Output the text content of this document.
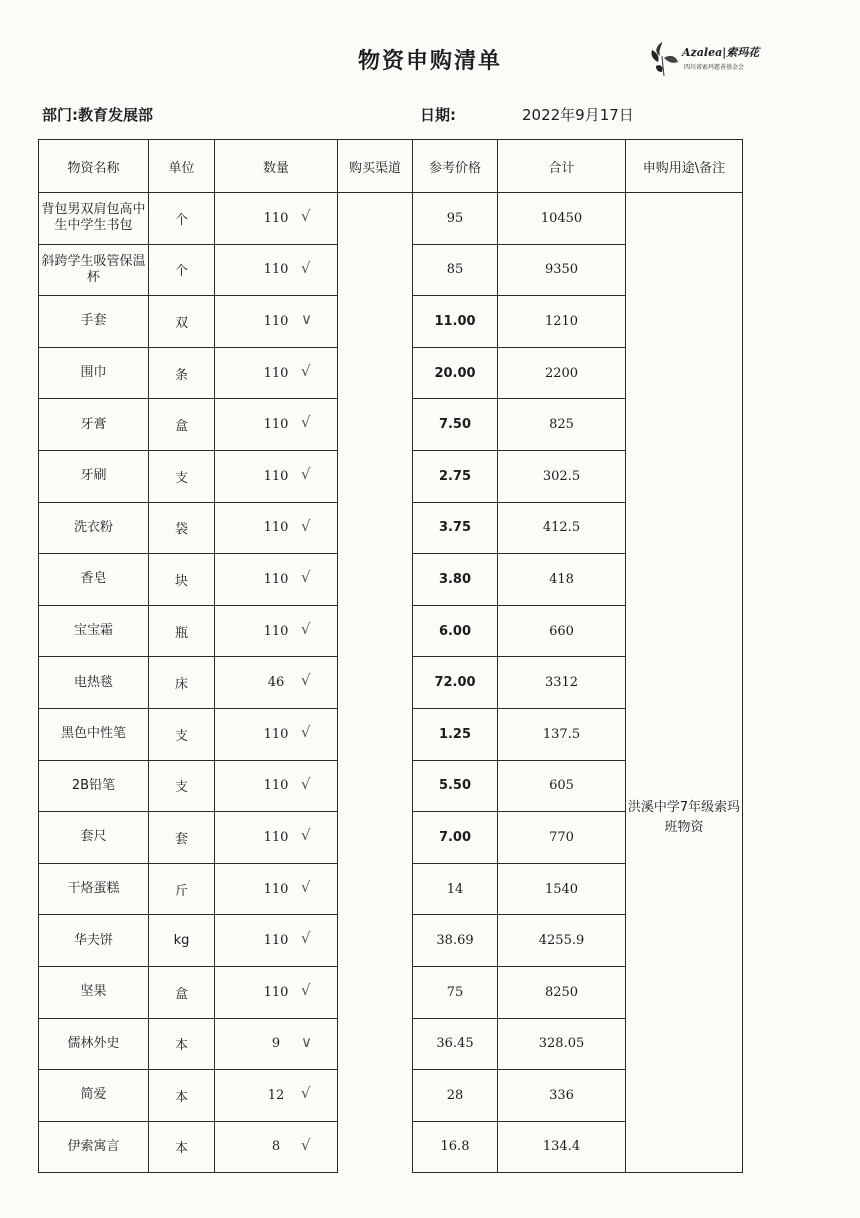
物资申购清单	Azalea|索玛花
四川省索玛慈善基金会
部门:教育发展部	日期:	2022年9月17日
物资名称	单位	数量	购买渠道	参考价格	合计	申购用途\备注
背包男双肩包高中生中学生书包	个	110 √		95	10450	洪溪中学7年级索玛班物资
斜跨学生吸管保温杯	个	110 √		85	9350	
手套	双	110 ∨		11.00	1210	
围巾	条	110 √		20.00	2200	
牙膏	盒	110 √		7.50	825	
牙刷	支	110 √		2.75	302.5	
洗衣粉	袋	110 √		3.75	412.5	
香皂	块	110 √		3.80	418	
宝宝霜	瓶	110 √		6.00	660	
电热毯	床	46 √		72.00	3312	
黑色中性笔	支	110 √		1.25	137.5	
2B铅笔	支	110 √		5.50	605	
套尺	套	110 √		7.00	770	
干烙蛋糕	斤	110 √		14	1540	
华夫饼	kg	110 √		38.69	4255.9	
坚果	盒	110 √		75	8250	
儒林外史	本	9 ∨		36.45	328.05	
简爱	本	12 √		28	336	
伊索寓言	本	8 √		16.8	134.4	
